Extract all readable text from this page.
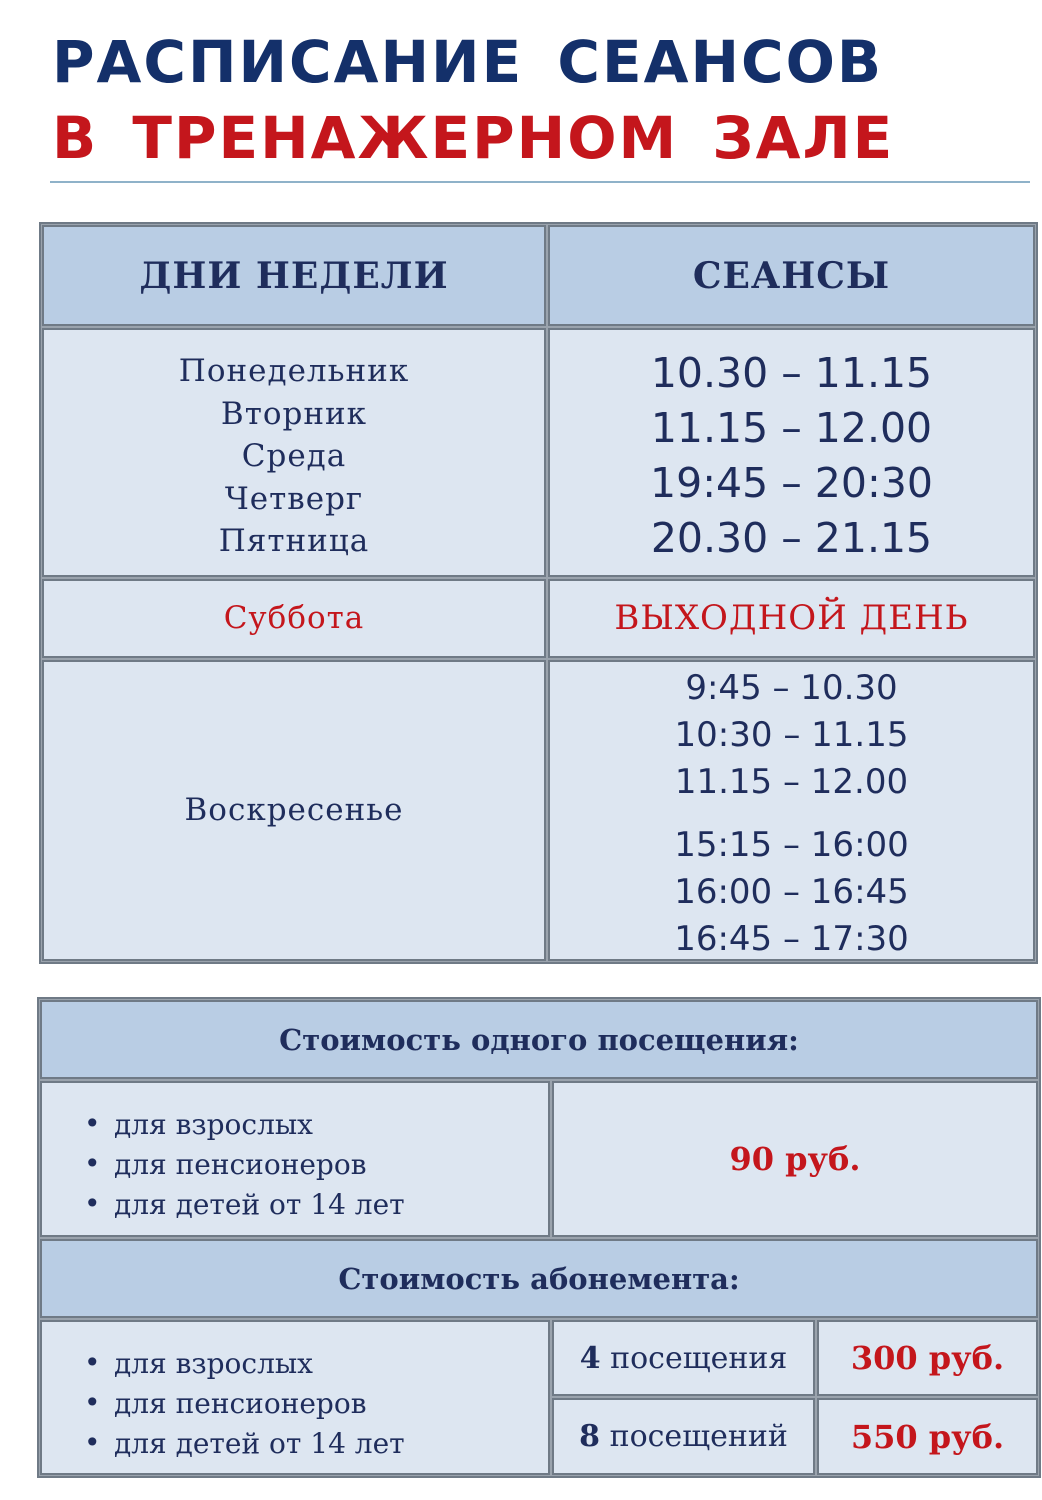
РАСПИСАНИЕ СЕАНСОВ
В ТРЕНАЖЕРНОМ ЗАЛЕ
ДНИ НЕДЕЛИ	СЕАНСЫ
Понедельник
Вторник
Среда
Четверг
Пятница
10.30 – 11.15
11.15 – 12.00
19:45 – 20:30
20.30 – 21.15
Суббота	ВЫХОДНОЙ ДЕНЬ
Воскресенье
9:45 – 10.30
10:30 – 11.15
11.15 – 12.00
15:15 – 16:00
16:00 – 16:45
16:45 – 17:30
Стоимость одного посещения:
• для взрослых
• для пенсионеров
• для детей от 14 лет
90 руб.
Стоимость абонемента:
• для взрослых
• для пенсионеров
• для детей от 14 лет
4 посещения 300 руб.
8 посещений 550 руб.
